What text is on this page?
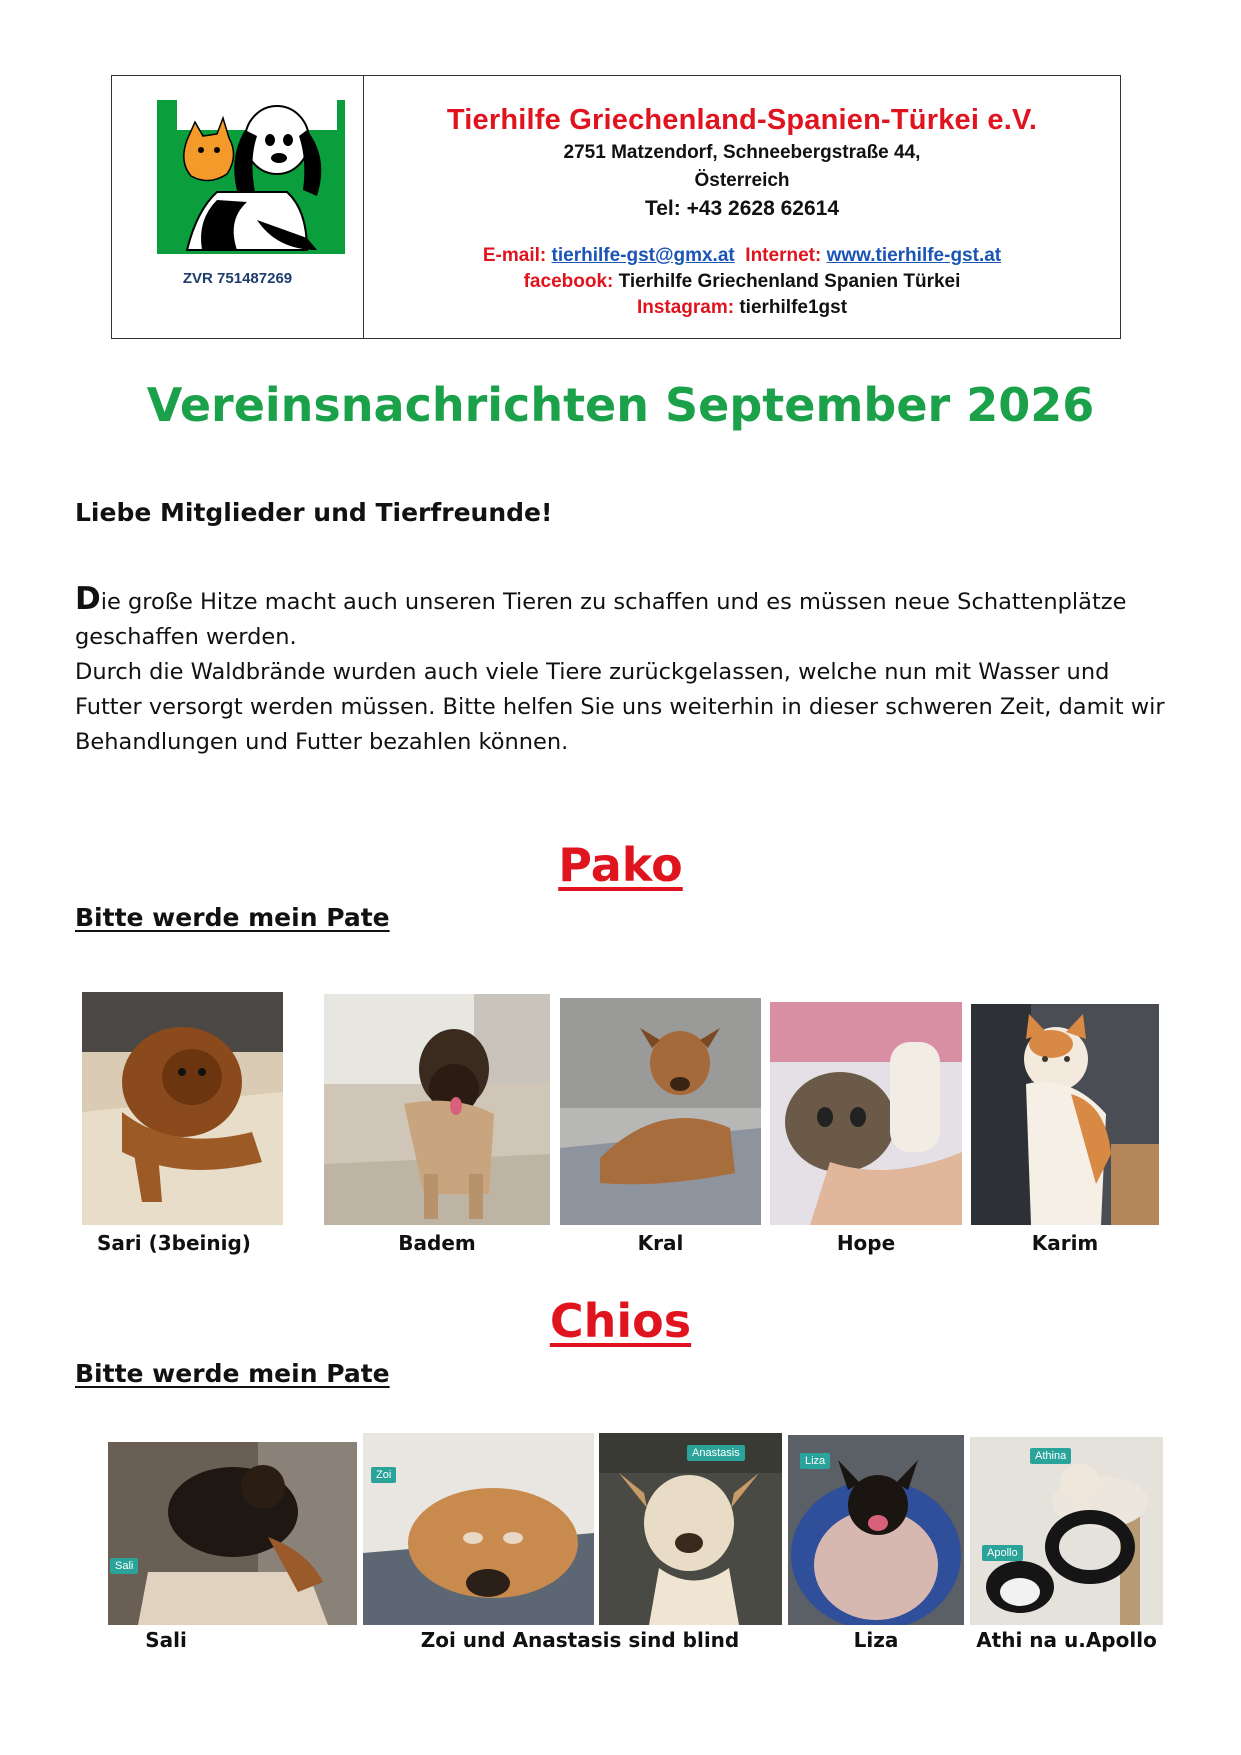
ZVR 751487269
Tierhilfe Griechenland-Spanien-Türkei e.V.
2751 Matzendorf, Schneebergstraße 44,
Österreich
Tel: +43 2628 62614
E-mail: tierhilfe-gst@gmx.at Internet: www.tierhilfe-gst.at
facebook: Tierhilfe Griechenland Spanien Türkei
Instagram: tierhilfe1gst
Vereinsnachrichten September 2026
Liebe Mitglieder und Tierfreunde!

Die große Hitze macht auch unseren Tieren zu schaffen und es müssen neue Schattenplätze geschaffen werden.

Durch die Waldbrände wurden auch viele Tiere zurückgelassen, welche nun mit Wasser und Futter versorgt werden müssen. Bitte helfen Sie uns weiterhin in dieser schweren Zeit, damit wir Behandlungen und Futter bezahlen können.

Pako
Bitte werde mein Pate
Sari (3beinig)	Badem	Kral	Hope	Karim
Chios
Bitte werde mein Pate
Sali
Zoi
Anastasis
Liza	Athina
Apollo
Sali	Zoi und Anastasis sind blind	Liza	Athi na u.Apollo
